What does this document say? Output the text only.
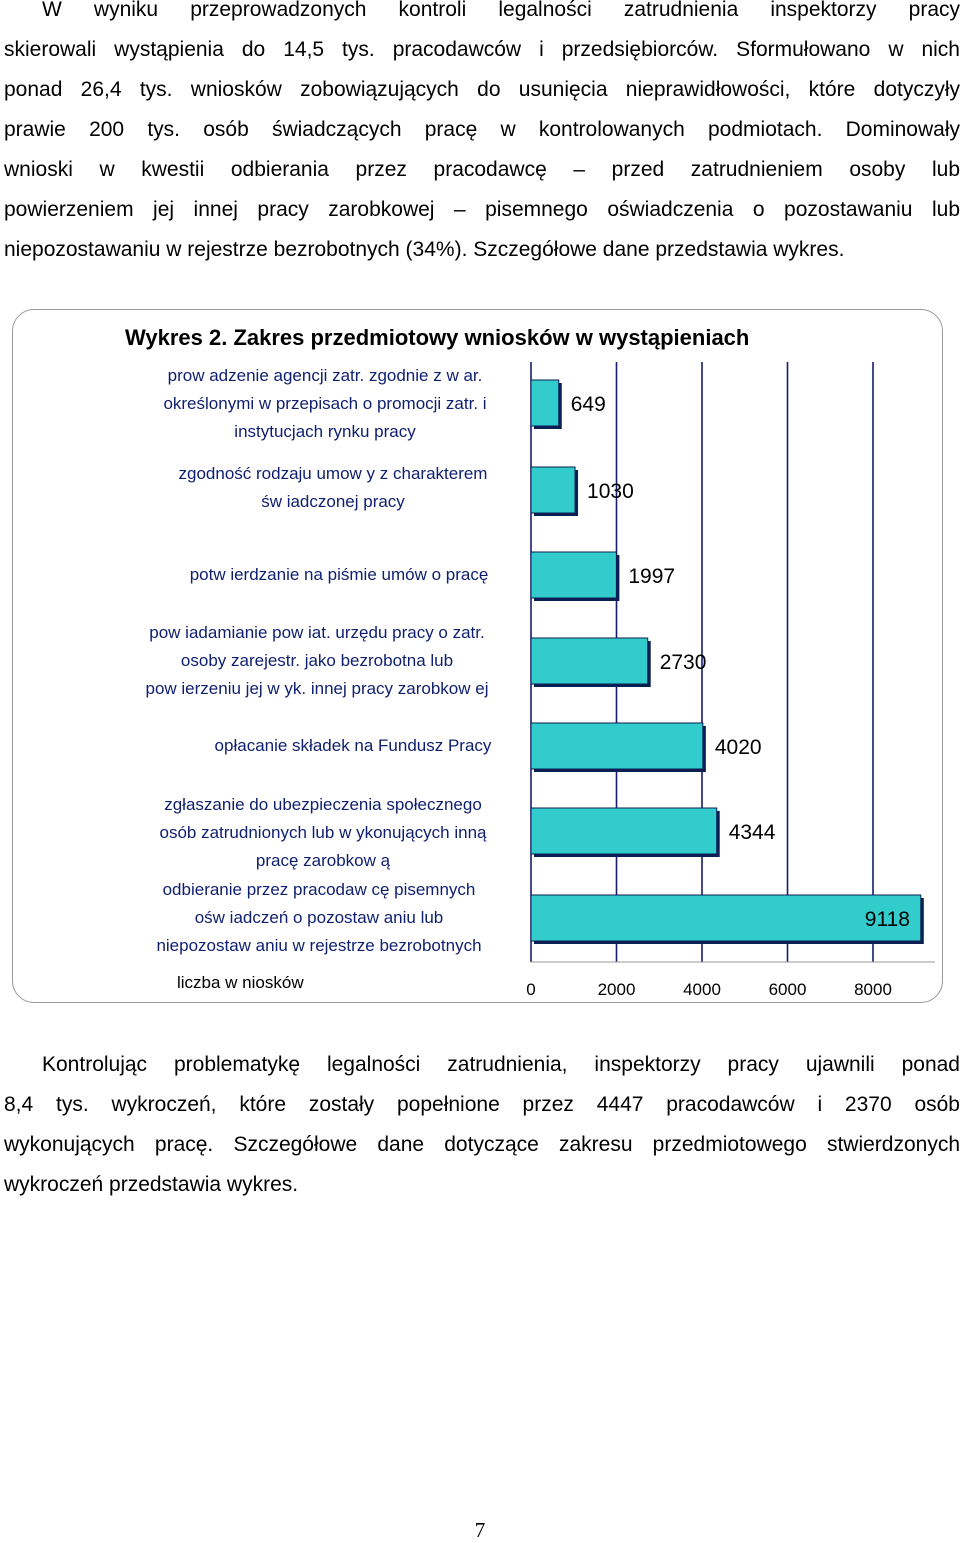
W wyniku przeprowadzonych kontroli legalności zatrudnienia inspektorzy pracy
skierowali wystąpienia do 14,5 tys. pracodawców i przedsiębiorców. Sformułowano w nich
ponad 26,4 tys. wniosków zobowiązujących do usunięcia nieprawidłowości, które dotyczyły
prawie 200 tys. osób świadczących pracę w kontrolowanych podmiotach. Dominowały
wnioski w kwestii odbierania przez pracodawcę – przed zatrudnieniem osoby lub
powierzeniem jej innej pracy zarobkowej – pisemnego oświadczenia o pozostawaniu lub
niepozostawaniu w rejestrze bezrobotnych (34%). Szczegółowe dane przedstawia wykres.
Wykres 2. Zakres przedmiotowy wniosków w wystąpieniach
prow adzenie agencji zatr. zgodnie z w ar.
określonymi w przepisach o promocji zatr. i
instytucjach rynku pracy
zgodność rodzaju umow y z charakterem
św iadczonej pracy
potw ierdzanie na piśmie umów o pracę
pow iadamianie pow iat. urzędu pracy o zatr.
osoby zarejestr. jako bezrobotna lub
pow ierzeniu jej w yk. innej pracy zarobkow ej
opłacanie składek na Fundusz Pracy
zgłaszanie do ubezpieczenia społecznego
osób zatrudnionych lub w ykonujących inną
pracę zarobkow ą
odbieranie przez pracodaw cę pisemnych
ośw iadczeń o pozostaw aniu lub
niepozostaw aniu w rejestrze bezrobotnych
649
1030
1997
2730
4020
4344
9118
0	2000	4000	6000	8000
liczba w niosków
Kontrolując problematykę legalności zatrudnienia, inspektorzy pracy ujawnili ponad
8,4 tys. wykroczeń, które zostały popełnione przez 4447 pracodawców i 2370 osób
wykonujących pracę. Szczegółowe dane dotyczące zakresu przedmiotowego stwierdzonych
wykroczeń przedstawia wykres.
7
